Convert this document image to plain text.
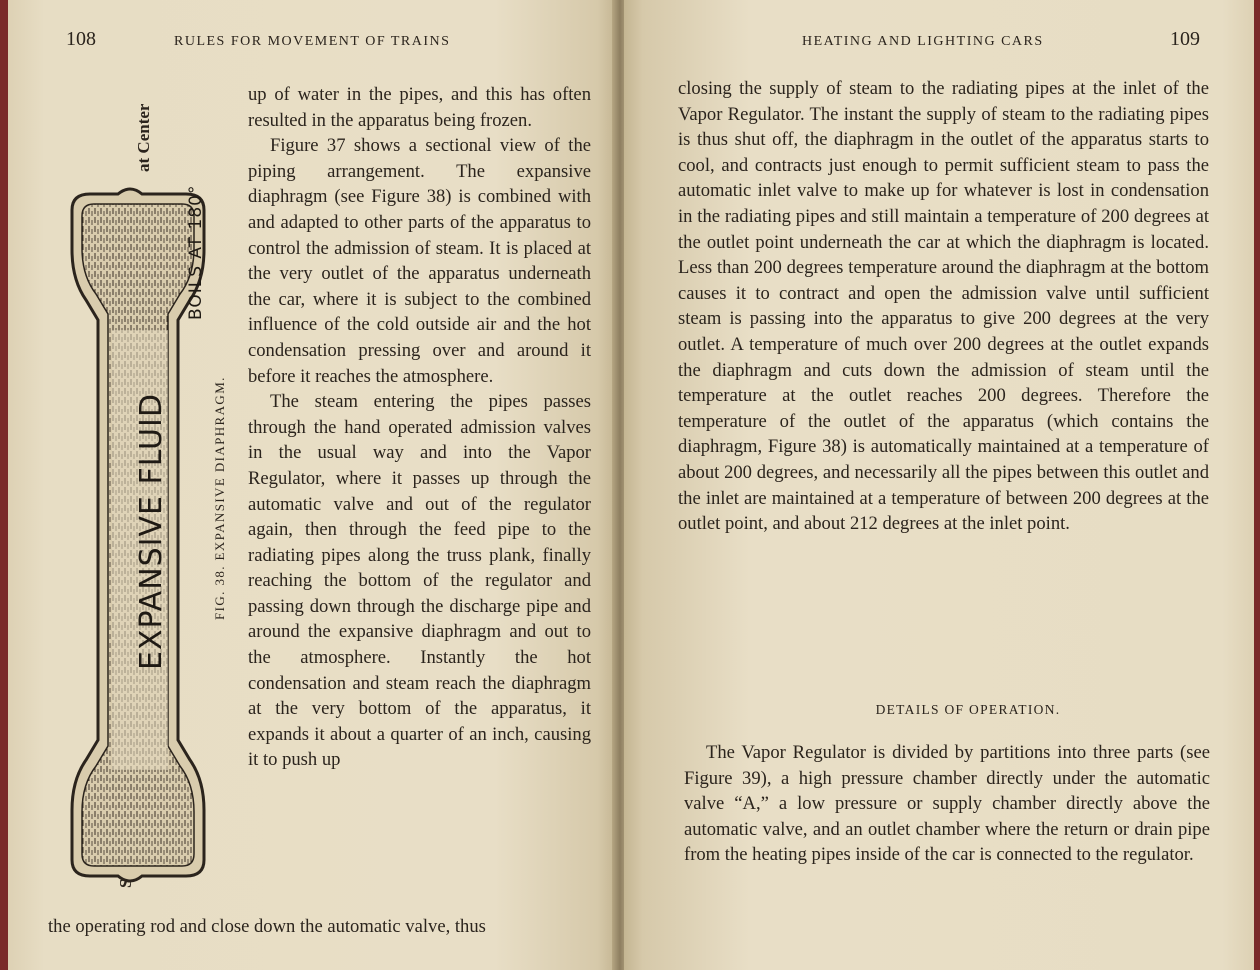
108	RULES FOR MOVEMENT OF TRAINS
at Center
EXPANSIVE FLUID
BOILS AT 180°
FIG. 38. EXPANSIVE DIAPHRAGM.

up of water in the pipes, and this has often resulted in the apparatus being frozen.

Figure 37 shows a sectional view of the piping arrangement. The expansive diaphragm (see Figure 38) is combined with and adapted to other parts of the apparatus to control the admission of steam. It is placed at the very outlet of the apparatus underneath the car, where it is subject to the combined influence of the cold outside air and the hot condensation pressing over and around it before it reaches the atmosphere.

The steam entering the pipes passes through the hand operated admission valves in the usual way and into the Vapor Regulator, where it passes up through the automatic valve and out of the regulator again, then through the feed pipe to the radiating pipes along the truss plank, finally reaching the bottom of the regulator and passing down through the discharge pipe and around the expansive diaphragm and out to the atmosphere. Instantly the hot condensation and steam reach the diaphragm at the very bottom of the apparatus, it expands it about a quarter of an inch, causing it to push up

the operating rod and close down the automatic valve, thus
HEATING AND LIGHTING CARS	109

closing the supply of steam to the radiating pipes at the inlet of the Vapor Regulator. The instant the supply of steam to the radiating pipes is thus shut off, the diaphragm in the outlet of the apparatus starts to cool, and contracts just enough to permit sufficient steam to pass the automatic inlet valve to make up for whatever is lost in condensation in the radiating pipes and still maintain a temperature of 200 degrees at the outlet point underneath the car at which the diaphragm is located. Less than 200 degrees temperature around the diaphragm at the bottom causes it to contract and open the admission valve until sufficient steam is passing into the apparatus to give 200 degrees at the very outlet. A temperature of much over 200 degrees at the outlet expands the diaphragm and cuts down the admission of steam until the temperature at the outlet reaches 200 degrees. Therefore the temperature of the outlet of the apparatus (which contains the diaphragm, Figure 38) is automatically maintained at a temperature of about 200 degrees, and necessarily all the pipes between this outlet and the inlet are maintained at a temperature of between 200 degrees at the outlet point, and about 212 degrees at the inlet point.

DETAILS OF OPERATION.

The Vapor Regulator is divided by partitions into three parts (see Figure 39), a high pressure chamber directly under the automatic valve “A,” a low pressure or supply chamber directly above the automatic valve, and an outlet chamber where the return or drain pipe from the heating pipes inside of the car is connected to the regulator.
